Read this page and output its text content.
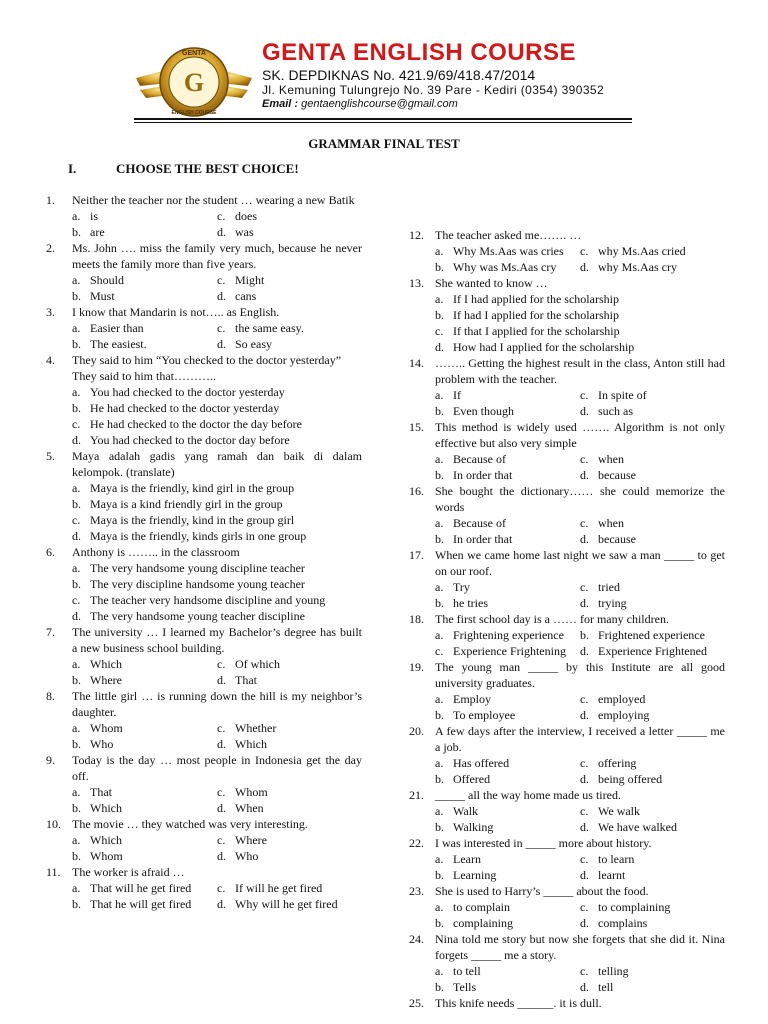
GENTA
G
ENGLISH COURSE
GENTA ENGLISH COURSE
SK. DEPDIKNAS No. 421.9/69/418.47/2014
Jl. Kemuning Tulungrejo No. 39 Pare - Kediri (0354) 390352
Email : gentaenglishcourse@gmail.com
GRAMMAR FINAL TEST
I.	CHOOSE THE BEST CHOICE!
1.	Neither the teacher nor the student … wearing a new Batik
a. is	c. does
b. are	d. was
2.	Ms. John …. miss the family very much, because he never meets the family more than five years.
a. Should	c. Might
b. Must	d. cans
3.	I know that Mandarin is not….. as English.
a. Easier than	c. the same easy.
b. The easiest.	d. So easy
4.	They said to him “You checked to the doctor yesterday”
They said to him that………..
a. You had checked to the doctor yesterday
b. He had checked to the doctor yesterday
c. He had checked to the doctor the day before
d. You had checked to the doctor day before
5.	Maya adalah gadis yang ramah dan baik di dalam kelompok. (translate)
a. Maya is the friendly, kind girl in the group
b. Maya is a kind friendly girl in the group
c. Maya is the friendly, kind in the group girl
d. Maya is the friendly, kinds girls in one group
6.	Anthony is …….. in the classroom
a. The very handsome young discipline teacher
b. The very discipline handsome young teacher
c. The teacher very handsome discipline and young
d. The very handsome young teacher discipline
7.	The university … I learned my Bachelor’s degree has built a new business school building.
a. Which	c. Of which
b. Where	d. That
8.	The little girl … is running down the hill is my neighbor’s daughter.
a. Whom	c. Whether
b. Who	d. Which
9.	Today is the day … most people in Indonesia get the day off.
a. That	c. Whom
b. Which	d. When
10. The movie … they watched was very interesting.
a. Which	c. Where
b. Whom	d. Who
11. The worker is afraid …
a. That will he get fired	c. If will he get fired
b. That he will get fired	d. Why will he get fired
12. The teacher asked me……. …
a. Why Ms.Aas was cries	c. why Ms.Aas cried
b. Why was Ms.Aas cry	d. why Ms.Aas cry
13. She wanted to know …
a. If I had applied for the scholarship
b. If had I applied for the scholarship
c. If that I applied for the scholarship
d. How had I applied for the scholarship
14. …….. Getting the highest result in the class, Anton still had problem with the teacher.
a. If	c. In spite of
b. Even though	d. such as
15. This method is widely used ……. Algorithm is not only effective but also very simple
a. Because of	c. when
b. In order that	d. because
16. She bought the dictionary…… she could memorize the words
a. Because of	c. when
b. In order that	d. because
17. When we came home last night we saw a man _____ to get on our roof.
a. Try	c. tried
b. he tries	d. trying
18. The first school day is a …… for many children.
a. Frightening experience	b. Frightened experience
c. Experience Frightening	d. Experience Frightened
19. The young man _____ by this Institute are all good university graduates.
a. Employ	c. employed
b. To employee	d. employing
20. A few days after the interview, I received a letter _____ me a job.
a. Has offered	c. offering
b. Offered	d. being offered
21. _____ all the way home made us tired.
a. Walk	c. We walk
b. Walking	d. We have walked
22. I was interested in _____ more about history.
a. Learn	c. to learn
b. Learning	d. learnt
23. She is used to Harry’s _____ about the food.
a. to complain	c. to complaining
b. complaining	d. complains
24. Nina told me story but now she forgets that she did it. Nina forgets _____ me a story.
a. to tell	c. telling
b. Tells	d. tell
25. This knife needs ______. it is dull.
